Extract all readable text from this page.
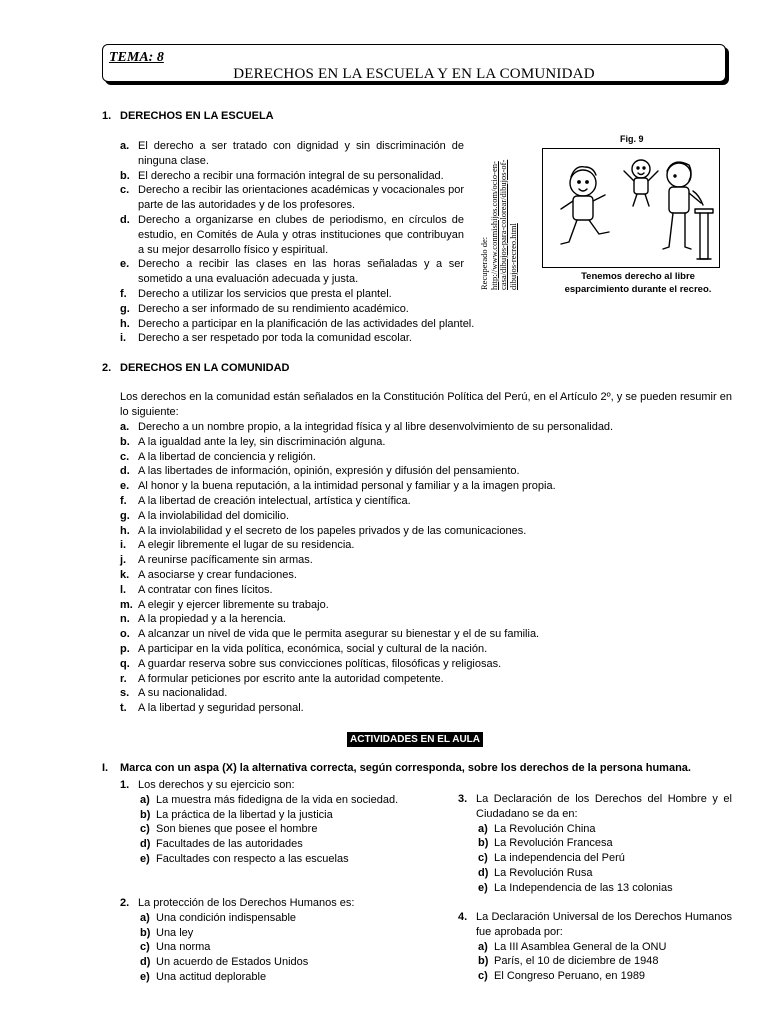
TEMA: 8
DERECHOS EN LA ESCUELA Y EN LA COMUNIDAD
1. DERECHOS EN LA ESCUELA
a. El derecho a ser tratado con dignidad y sin discriminación de ninguna clase.
b. El derecho a recibir una formación integral de su personalidad.
c. Derecho a recibir las orientaciones académicas y vocacionales por parte de las autoridades y de los profesores.
d. Derecho a organizarse en clubes de periodismo, en círculos de estudio, en Comités de Aula y otras instituciones que contribuyan a su mejor desarrollo físico y espiritual.
e. Derecho a recibir las clases en las horas señaladas y a ser sometido a una evaluación adecuada y justa.
f. Derecho a utilizar los servicios que presta el plantel.
g. Derecho a ser informado de su rendimiento académico.
h. Derecho a participar en la planificación de las actividades del plantel.
i. Derecho a ser respetado por toda la comunidad escolar.
Recuperado de: http://www.conmishijos.com/ocio-en-casa/dibujos-para-colorear/dibujos-of-dibujos-recreo.html
Fig. 9
Tenemos derecho al libre esparcimiento durante el recreo.
2. DERECHOS EN LA COMUNIDAD
Los derechos en la comunidad están señalados en la Constitución Política del Perú, en el Artículo 2º, y se pueden resumir en lo siguiente:
a. Derecho a un nombre propio, a la integridad física y al libre desenvolvimiento de su personalidad.
b. A la igualdad ante la ley, sin discriminación alguna.
c. A la libertad de conciencia y religión.
d. A las libertades de información, opinión, expresión y difusión del pensamiento.
e. Al honor y la buena reputación, a la intimidad personal y familiar y a la imagen propia.
f. A la libertad de creación intelectual, artística y científica.
g. A la inviolabilidad del domicilio.
h. A la inviolabilidad y el secreto de los papeles privados y de las comunicaciones.
i. A elegir libremente el lugar de su residencia.
j. A reunirse pacíficamente sin armas.
k. A asociarse y crear fundaciones.
l. A contratar con fines lícitos.
m. A elegir y ejercer libremente su trabajo.
n. A la propiedad y a la herencia.
o. A alcanzar un nivel de vida que le permita asegurar su bienestar y el de su familia.
p. A participar en la vida política, económica, social y cultural de la nación.
q. A guardar reserva sobre sus convicciones políticas, filosóficas y religiosas.
r. A formular peticiones por escrito ante la autoridad competente.
s. A su nacionalidad.
t. A la libertad y seguridad personal.
ACTIVIDADES EN EL AULA
I. Marca con un aspa (X) la alternativa correcta, según corresponda, sobre los derechos de la persona humana.
1. Los derechos y su ejercicio son:
a) La muestra más fidedigna de la vida en sociedad.
b) La práctica de la libertad y la justicia
c) Son bienes que posee el hombre
d) Facultades de las autoridades
e) Facultades con respecto a las escuelas
2. La protección de los Derechos Humanos es:
a) Una condición indispensable
b) Una ley
c) Una norma
d) Un acuerdo de Estados Unidos
e) Una actitud deplorable
3. La Declaración de los Derechos del Hombre y el Ciudadano se da en:
a) La Revolución China
b) La Revolución Francesa
c) La independencia del Perú
d) La Revolución Rusa
e) La Independencia de las 13 colonias
4. La Declaración Universal de los Derechos Humanos fue aprobada por:
a) La III Asamblea General de la ONU
b) París, el 10 de diciembre de 1948
c) El Congreso Peruano, en 1989
